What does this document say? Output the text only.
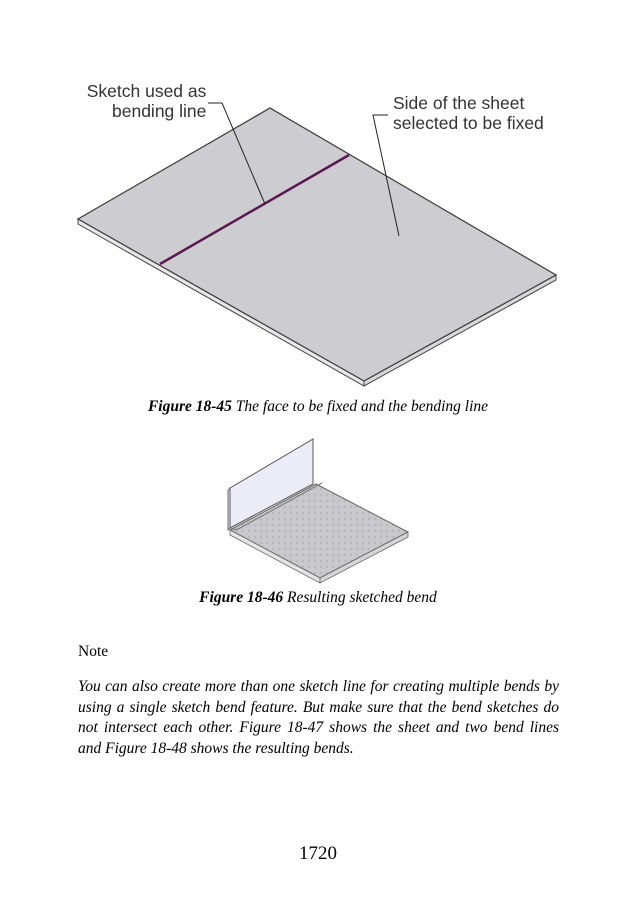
Sketch used as
bending line	Side of the sheet
selected to be fixed
Figure 18-45 The face to be fixed and the bending line
Figure 18-46 Resulting sketched bend
Note

You can also create more than one sketch line for creating multiple bends by using a single sketch bend feature. But make sure that the bend sketches do not intersect each other. Figure 18-47 shows the sheet and two bend lines and Figure 18-48 shows the resulting bends.

1720
